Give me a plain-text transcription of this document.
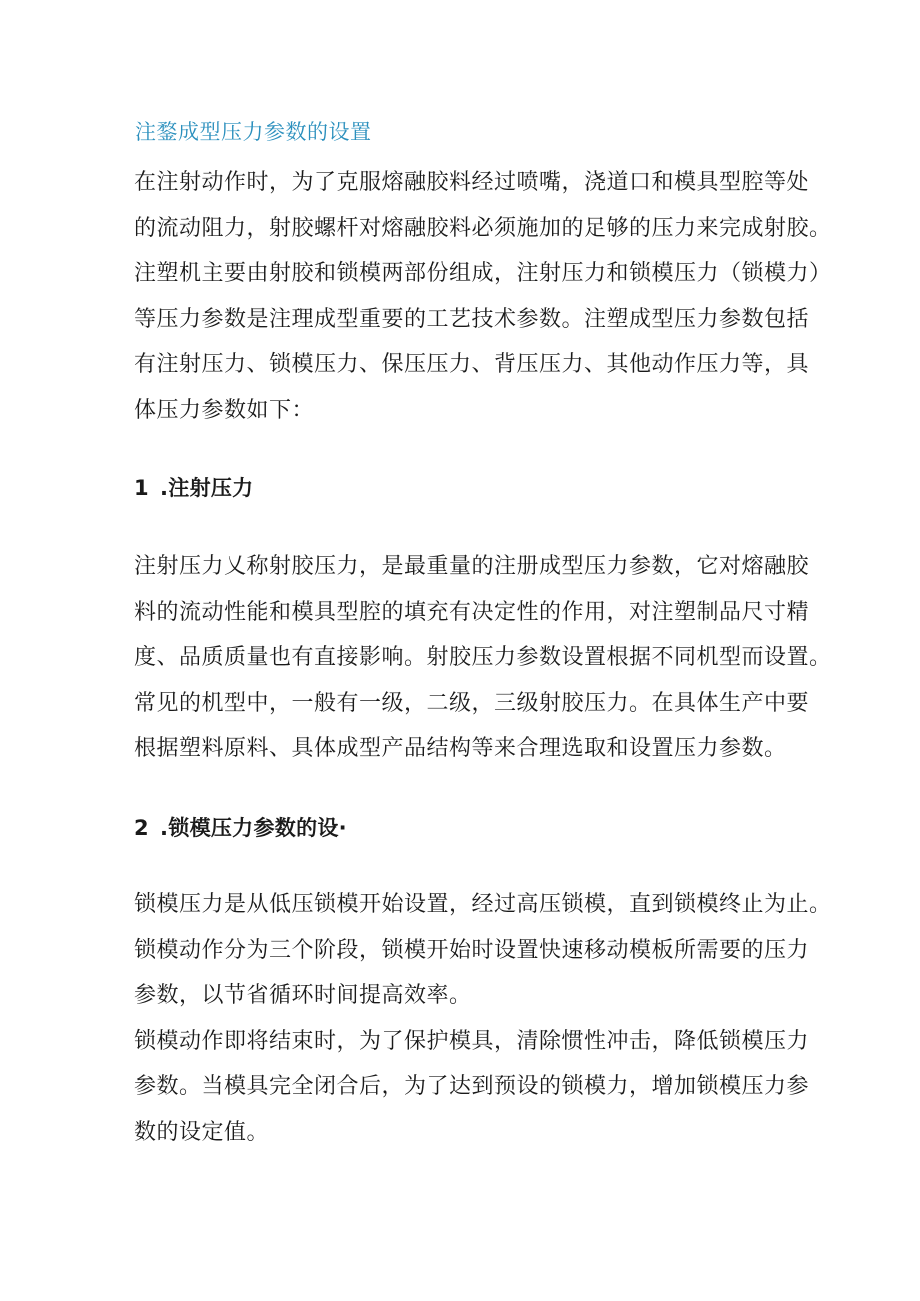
注鍪成型压力参数的设置
在注射动作时，为了克服熔融胶料经过喷嘴，浇道口和模具型腔等处
的流动阻力，射胶螺杆对熔融胶料必须施加的足够的压力来完成射胶。
注塑机主要由射胶和锁模两部份组成，注射压力和锁模压力（锁模力）
等压力参数是注理成型重要的工艺技术参数。注塑成型压力参数包括
有注射压力、锁模压力、保压压力、背压压力、其他动作压力等，具
体压力参数如下：
1 .注射压力
注射压力乂称射胶压力，是最重量的注册成型压力参数，它对熔融胶
料的流动性能和模具型腔的填充有决定性的作用，对注塑制品尺寸精
度、品质质量也有直接影响。射胶压力参数设置根据不同机型而设置。
常见的机型中，一般有一级，二级，三级射胶压力。在具体生产中要
根据塑料原料、具体成型产品结构等来合理选取和设置压力参数。
2 .锁模压力参数的设·
锁模压力是从低压锁模开始设置，经过高压锁模，直到锁模终止为止。
锁模动作分为三个阶段，锁模开始时设置快速移动模板所需要的压力
参数，以节省循环时间提高效率。
锁模动作即将结束时，为了保护模具，清除惯性冲击，降低锁模压力
参数。当模具完全闭合后，为了达到预设的锁模力，增加锁模压力参
数的设定值。
